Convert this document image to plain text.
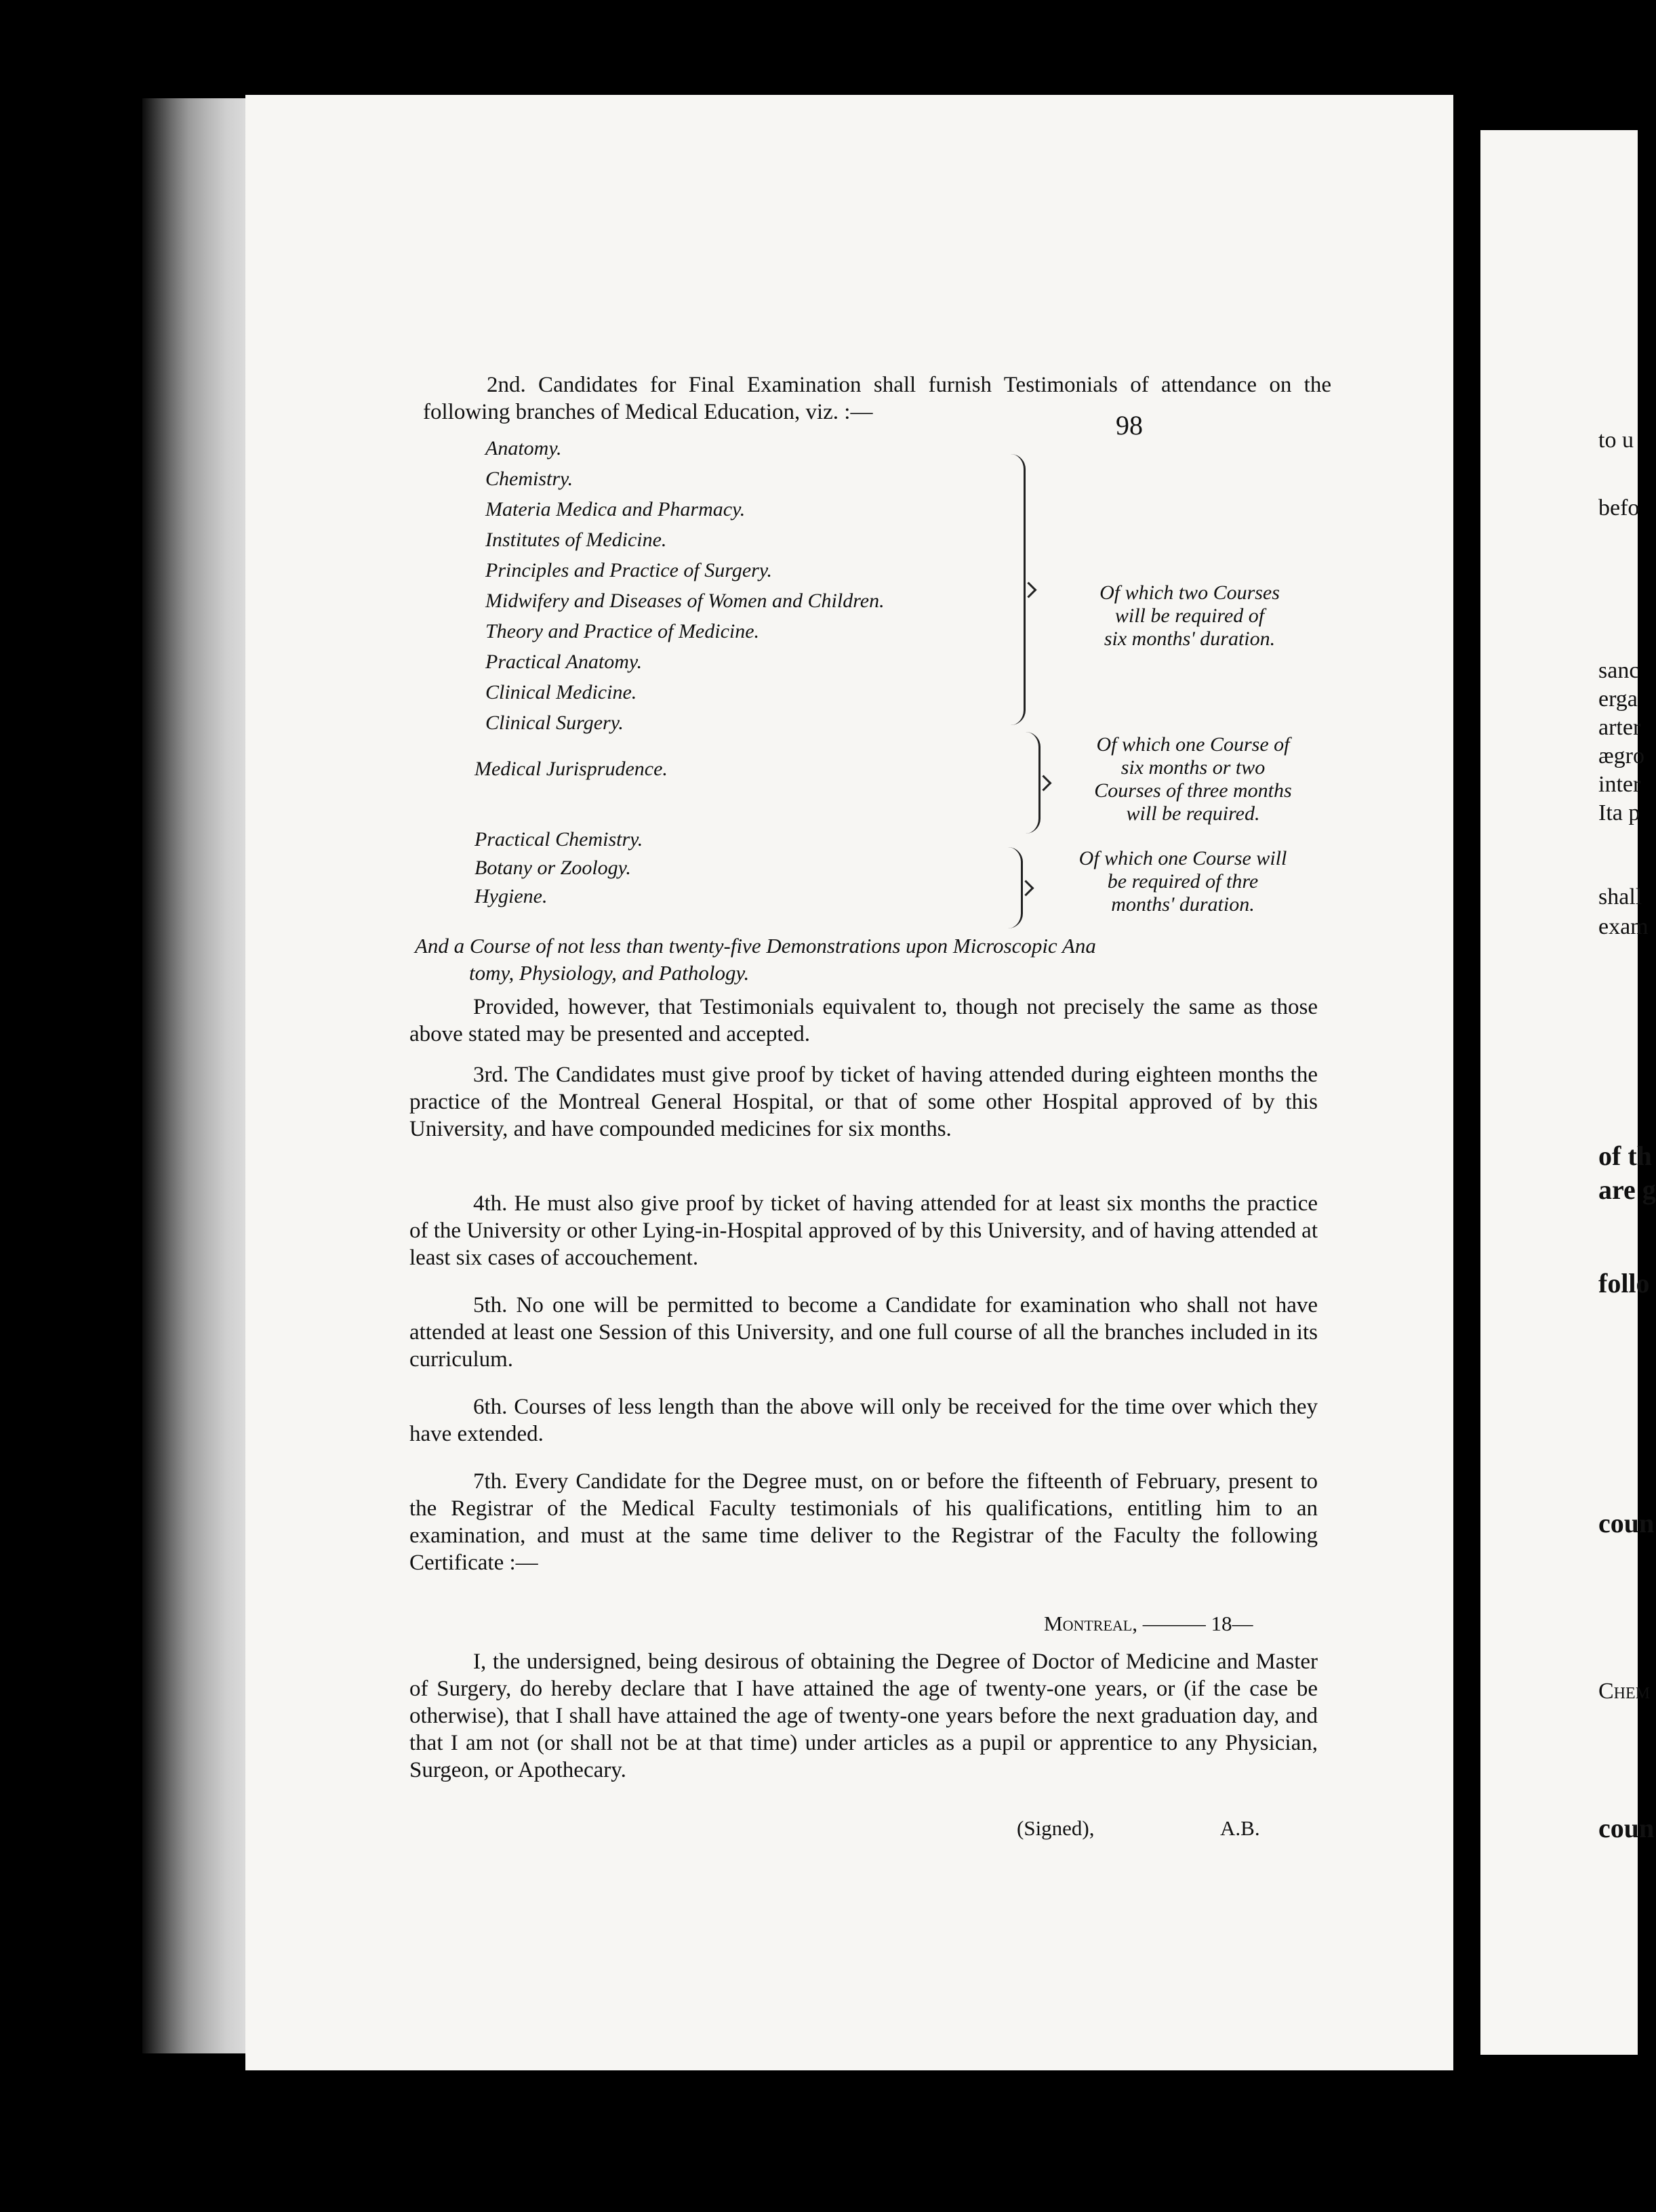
98
2nd. Candidates for Final Examination shall furnish Testimonials of attendance on the following branches of Medical Education, viz. :—
Anatomy.
Chemistry.
Materia Medica and Pharmacy.
Institutes of Medicine.
Principles and Practice of Surgery.
Midwifery and Diseases of Women and Children.
Theory and Practice of Medicine.
Practical Anatomy.
Clinical Medicine.
Clinical Surgery.
Of which two Courses
will be required of
six months' duration.
Medical Jurisprudence.
Of which one Course of
six months or two
Courses of three months
will be required.
Practical Chemistry.
Botany or Zoology.
Hygiene.
Of which one Course will
be required of thre
months' duration.
And a Course of not less than twenty-five Demonstrations upon Microscopic Ana
tomy, Physiology, and Pathology.
Provided, however, that Testimonials equivalent to, though not precisely the same as those above stated may be presented and accepted.
3rd. The Candidates must give proof by ticket of having attended during eighteen months the practice of the Montreal General Hospital, or that of some other Hospital approved of by this University, and have compounded medicines for six months.
4th. He must also give proof by ticket of having attended for at least six months the practice of the University or other Lying-in-Hospital approved of by this University, and of having attended at least six cases of accouchement.
5th. No one will be permitted to become a Candidate for examination who shall not have attended at least one Session of this University, and one full course of all the branches included in its curriculum.
6th. Courses of less length than the above will only be received for the time over which they have extended.
7th. Every Candidate for the Degree must, on or before the fifteenth of February, present to the Registrar of the Medical Faculty testimonials of his qualifications, entitling him to an examination, and must at the same time deliver to the Registrar of the Faculty the following Certificate :—
I, the undersigned, being desirous of obtaining the Degree of Doctor of Medicine and Master of Surgery, do hereby declare that I have attained the age of twenty-one years, or (if the case be otherwise), that I shall have attained the age of twenty-one years before the next graduation day, and that I am not (or shall not be at that time) under articles as a pupil or apprentice to any Physician, Surgeon, or Apothecary.
Montreal, ——— 18—
(Signed),	A.B.
to u
befo
sanc
erga
arter
ægro
inter
Ita p
shall
exam
of th
are g
follo
coun
Chem
coun
